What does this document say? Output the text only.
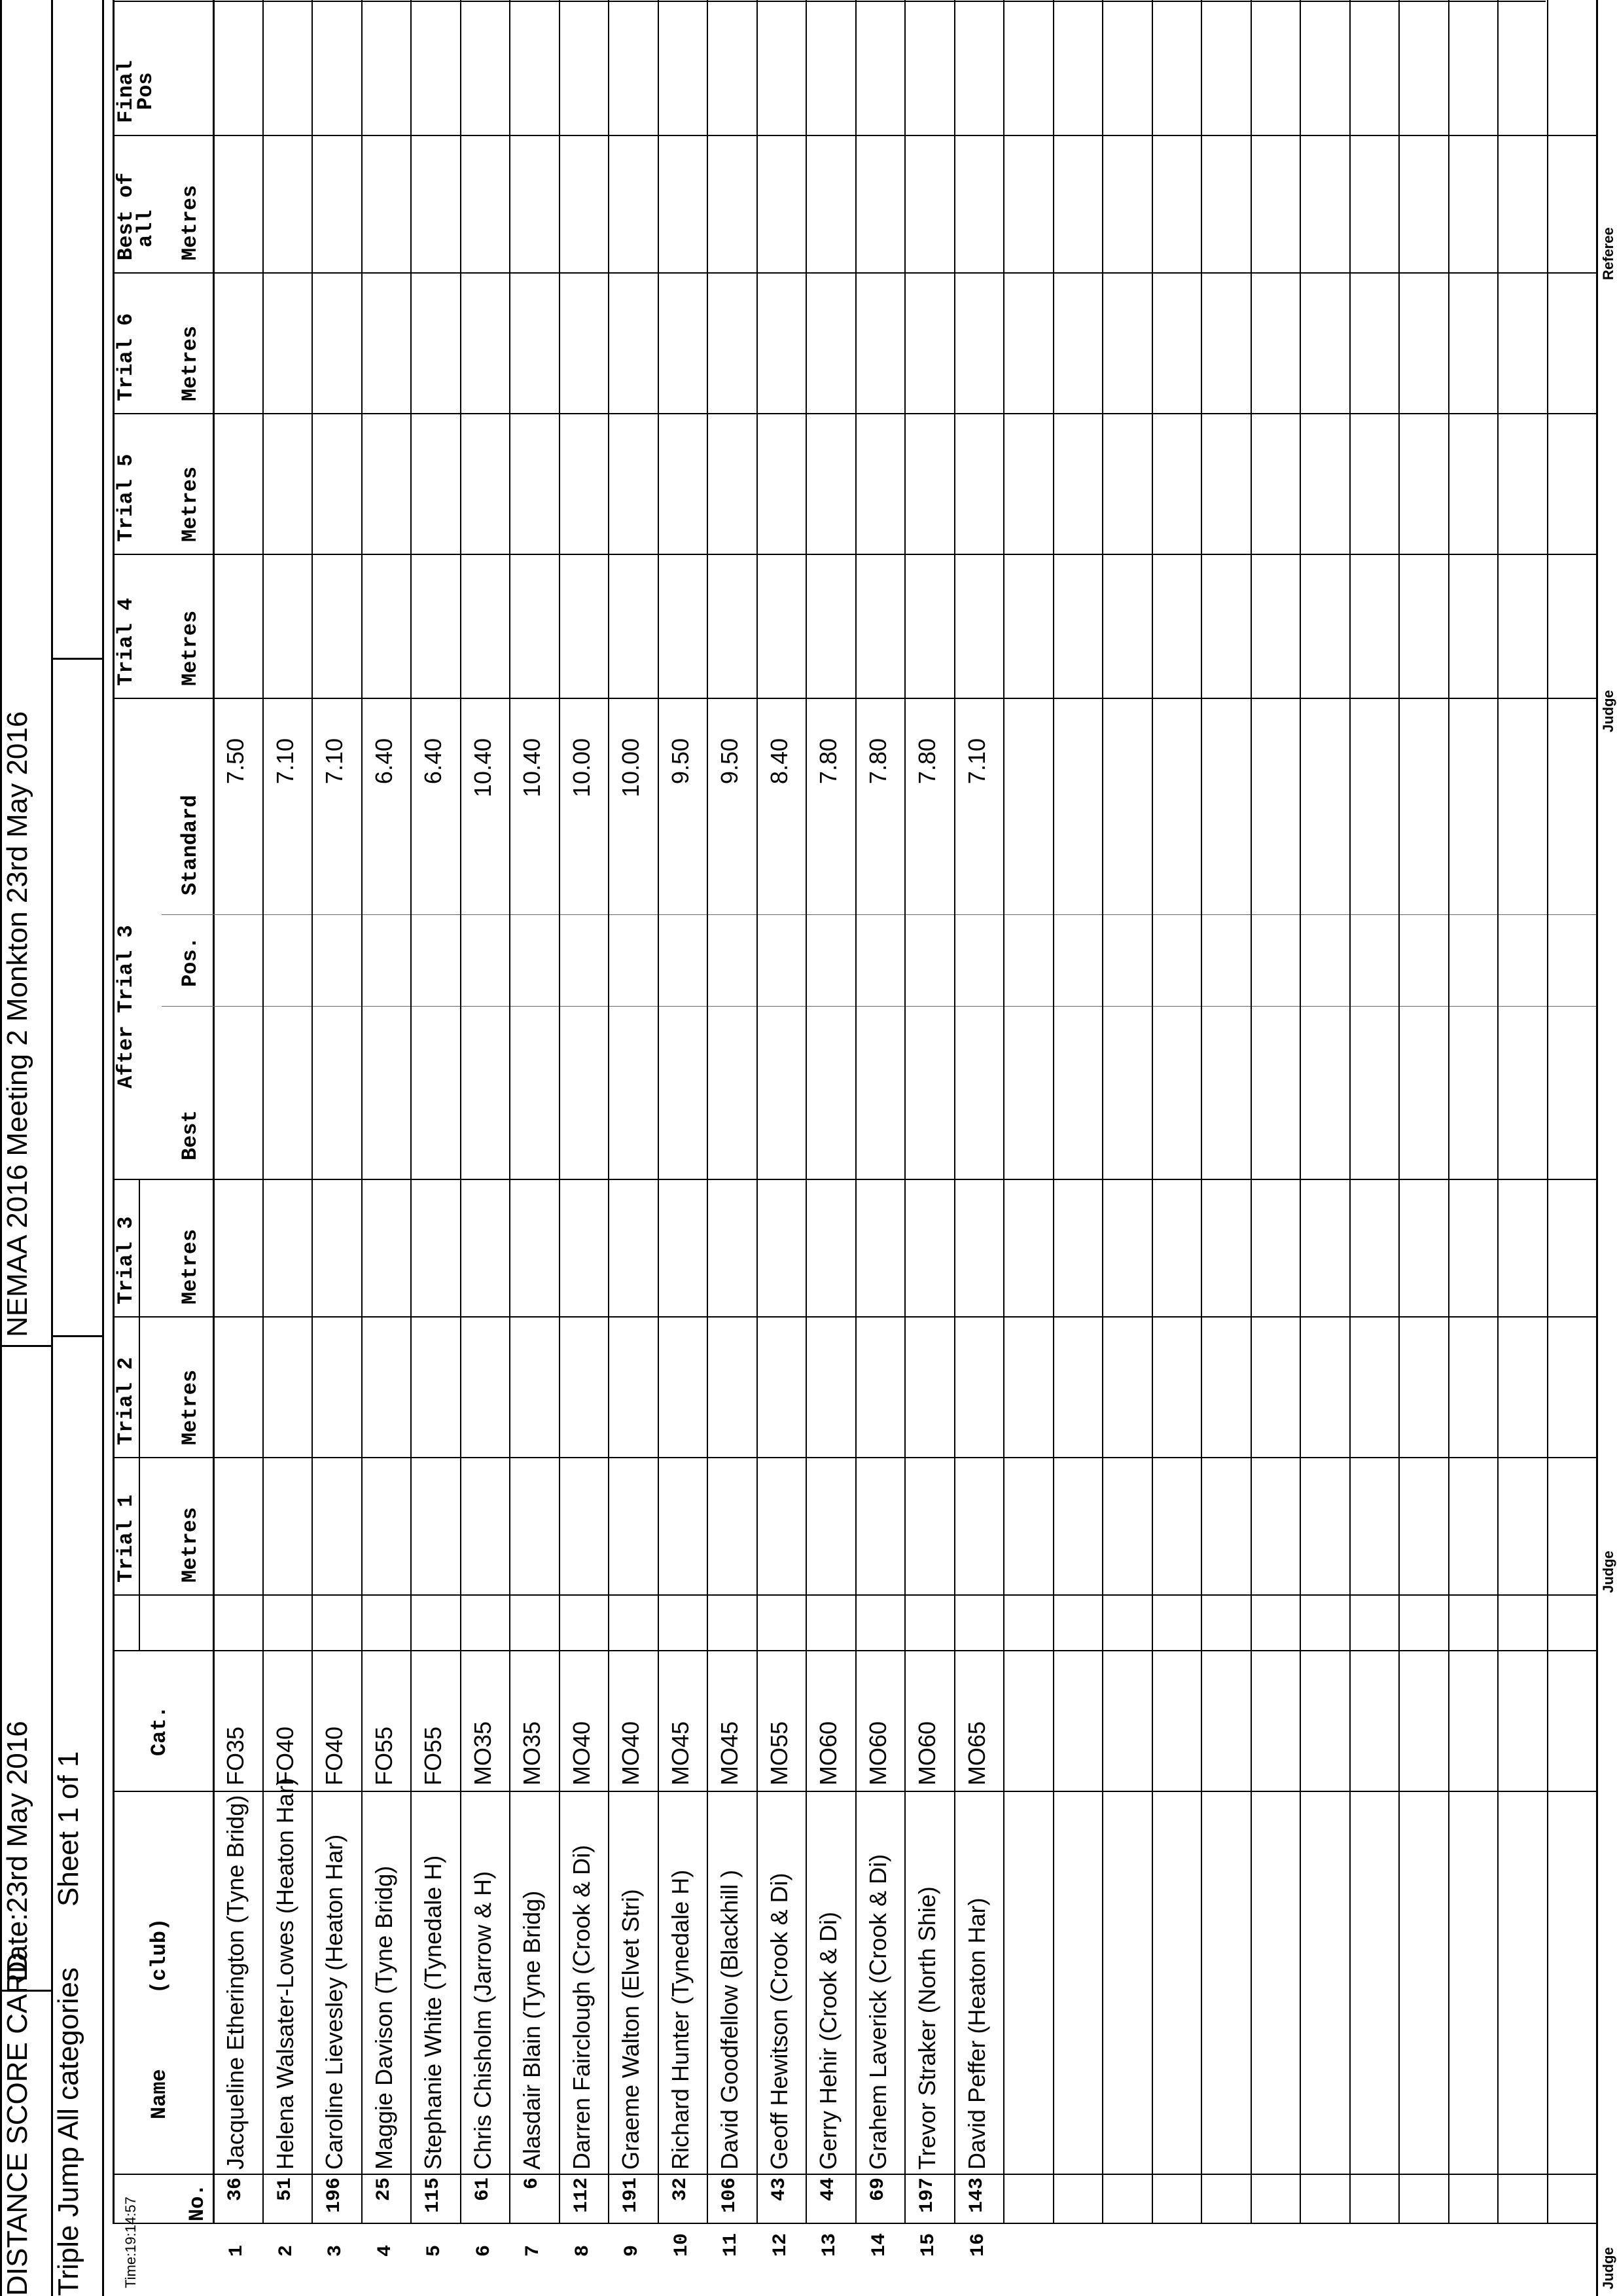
DISTANCE SCORE CARD
Date:23rd May 2016
NEMAA 2016 Meeting 2 Monkton 23rd May 2016
Triple Jump All categories
Sheet 1 of 1
Time:19:14:57 No.
Name      (club)
Cat.
Trial 1 Metres
Trial 2 Metres
Trial 3 Metres
After Trial 3
Best
Pos.
Standard
Trial 4 Metres
Trial 5 Metres
Trial 6 Metres
Best of
all Metres
Final
Pos
1
36
Jacqueline Etherington (Tyne Bridg)
FO35
7.50
2
51
Helena Walsater-Lowes (Heaton Har)
FO40
7.10
3
196
Caroline Lievesley (Heaton Har)
FO40
7.10
4
25
Maggie Davison (Tyne Bridg)
FO55
6.40
5
115
Stephanie White (Tynedale H)
FO55
6.40
6
61
Chris Chisholm (Jarrow & H)
MO35
10.40
7
6
Alasdair Blain (Tyne Bridg)
MO35
10.40
8
112
Darren Fairclough (Crook & Di)
MO40
10.00
9
191
Graeme Walton (Elvet Stri)
MO40
10.00
10
32
Richard Hunter (Tynedale H)
MO45
9.50
11
106
David Goodfellow (Blackhill )
MO45
9.50
12
43
Geoff Hewitson (Crook & Di)
MO55
8.40
13
44
Gerry Hehir (Crook & Di)
MO60
7.80
14
69
Grahem Laverick (Crook & Di)
MO60
7.80
15
197
Trevor Straker (North Shie)
MO60
7.80
16
143
David Peffer (Heaton Har)
MO65
7.10
Judge
Judge
Judge
Referee
